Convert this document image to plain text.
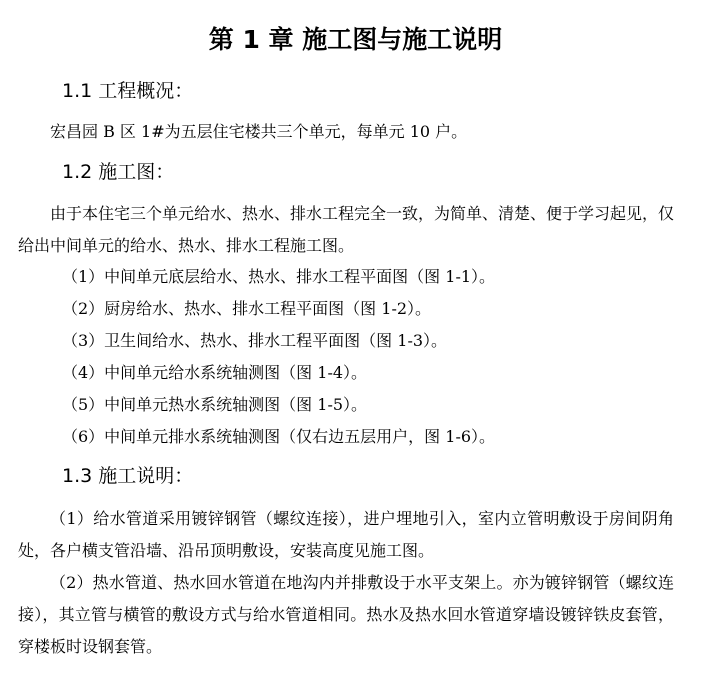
第 1 章 施工图与施工说明
1.1 工程概况：

宏昌园 B 区 1#为五层住宅楼共三个单元，每单元 10 户。

1.2 施工图：

由于本住宅三个单元给水、热水、排水工程完全一致，为简单、清楚、便于学习起见，仅给出中间单元的给水、热水、排水工程施工图。

（1）中间单元底层给水、热水、排水工程平面图（图 1-1）。

（2）厨房给水、热水、排水工程平面图（图 1-2）。

（3）卫生间给水、热水、排水工程平面图（图 1-3）。

（4）中间单元给水系统轴测图（图 1-4）。

（5）中间单元热水系统轴测图（图 1-5）。

（6）中间单元排水系统轴测图（仅右边五层用户，图 1-6）。

1.3 施工说明：

（1）给水管道采用镀锌钢管（螺纹连接），进户埋地引入，室内立管明敷设于房间阴角处，各户横支管沿墙、沿吊顶明敷设，安装高度见施工图。

（2）热水管道、热水回水管道在地沟内并排敷设于水平支架上。亦为镀锌钢管（螺纹连接），其立管与横管的敷设方式与给水管道相同。热水及热水回水管道穿墙设镀锌铁皮套管，穿楼板时设钢套管。
